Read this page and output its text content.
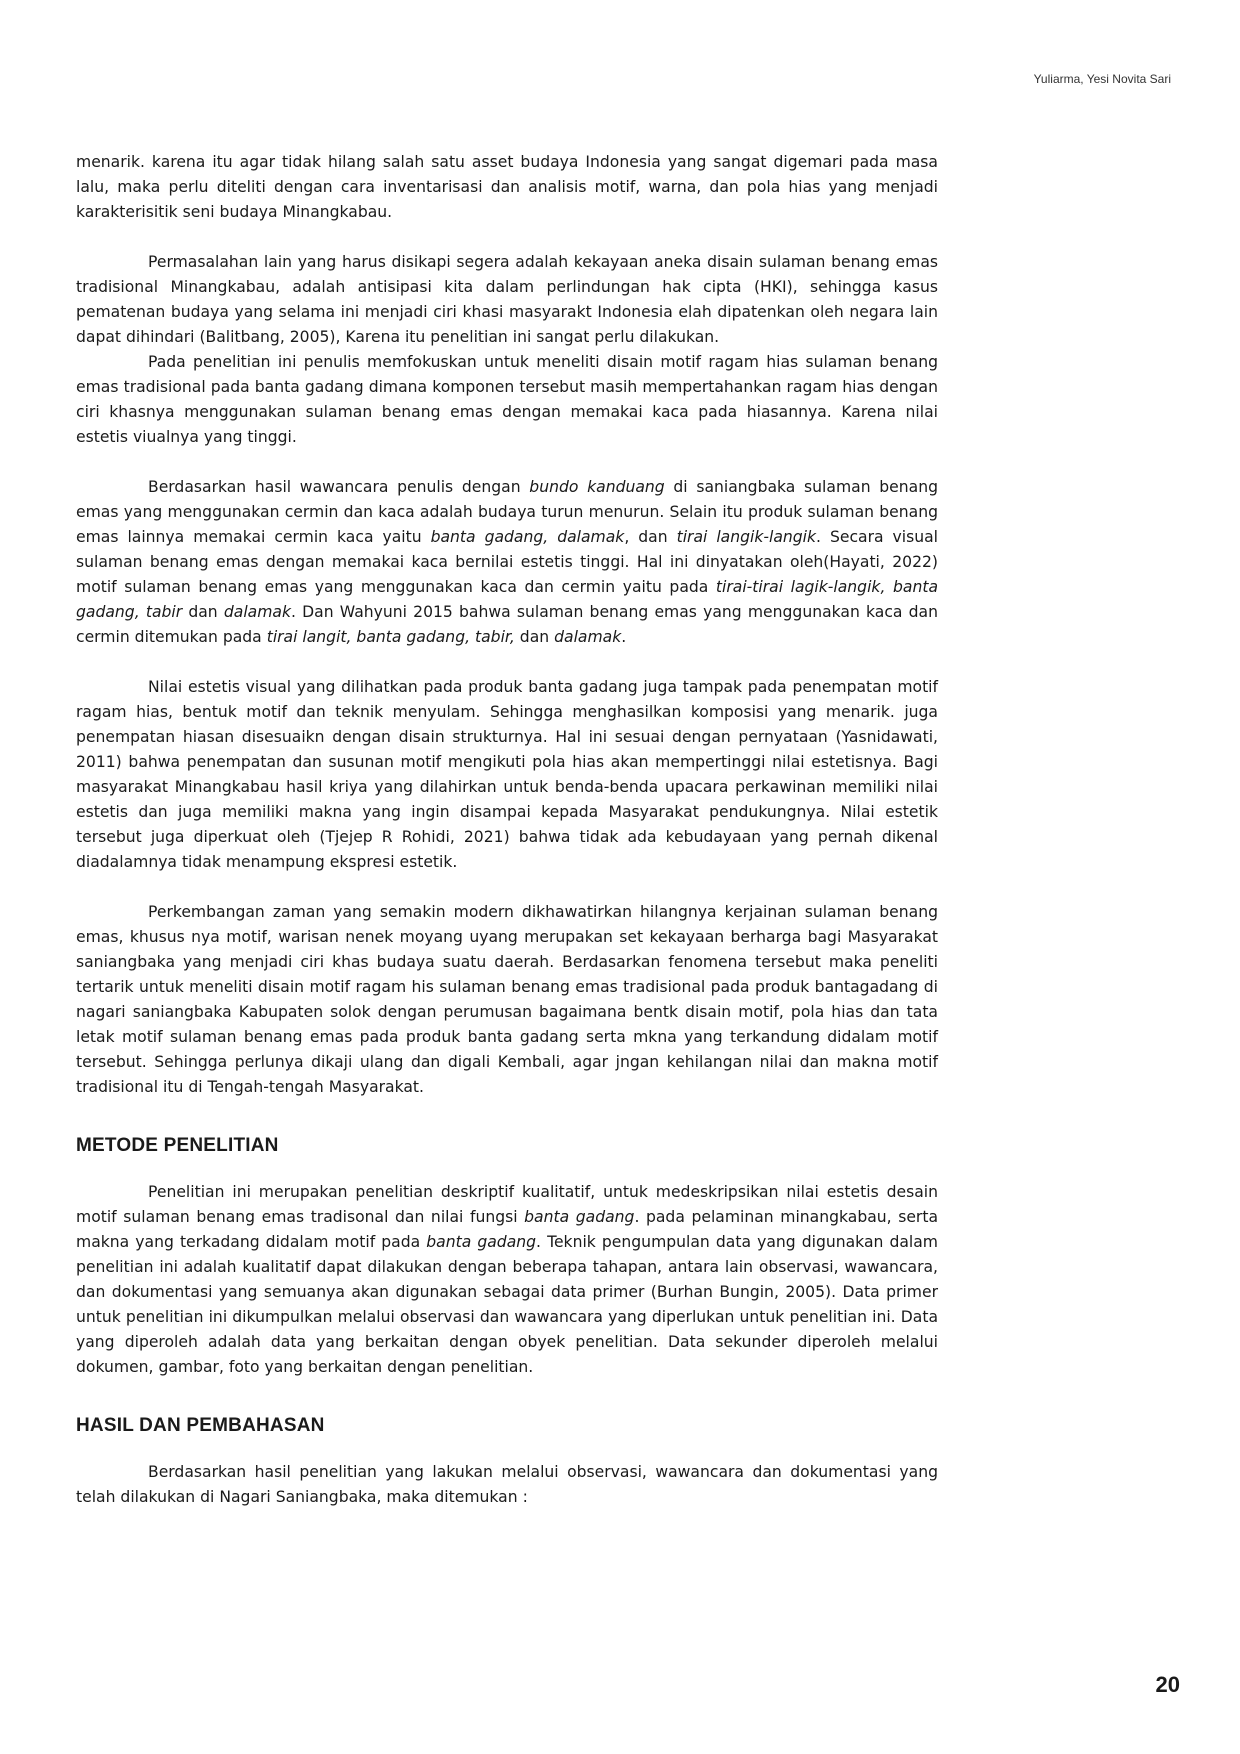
Yuliarma, Yesi Novita Sari

menarik. karena itu agar tidak hilang salah satu asset budaya Indonesia yang sangat digemari pada masa lalu, maka perlu diteliti dengan cara inventarisasi dan analisis motif, warna, dan pola hias yang menjadi karakterisitik seni budaya Minangkabau.

Permasalahan lain yang harus disikapi segera adalah kekayaan aneka disain sulaman benang emas tradisional Minangkabau, adalah antisipasi kita dalam perlindungan hak cipta (HKI), sehingga kasus pematenan budaya yang selama ini menjadi ciri khasi masyarakt Indonesia elah dipatenkan oleh negara lain dapat dihindari (Balitbang, 2005), Karena itu penelitian ini sangat perlu dilakukan.

Pada penelitian ini penulis memfokuskan untuk meneliti disain motif ragam hias sulaman benang emas tradisional pada banta gadang dimana komponen tersebut masih mempertahankan ragam hias dengan ciri khasnya menggunakan sulaman benang emas dengan memakai kaca pada hiasannya. Karena nilai estetis viualnya yang tinggi.

Berdasarkan hasil wawancara penulis dengan bundo kanduang di saniangbaka sulaman benang emas yang menggunakan cermin dan kaca adalah budaya turun menurun. Selain itu produk sulaman benang emas lainnya memakai cermin kaca yaitu banta gadang, dalamak, dan tirai langik-langik. Secara visual sulaman benang emas dengan memakai kaca bernilai estetis tinggi. Hal ini dinyatakan oleh(Hayati, 2022) motif sulaman benang emas yang menggunakan kaca dan cermin yaitu pada tirai-tirai lagik-langik, banta gadang, tabir dan dalamak. Dan Wahyuni 2015 bahwa sulaman benang emas yang menggunakan kaca dan cermin ditemukan pada tirai langit, banta gadang, tabir, dan dalamak.

Nilai estetis visual yang dilihatkan pada produk banta gadang juga tampak pada penempatan motif ragam hias, bentuk motif dan teknik menyulam. Sehingga menghasilkan komposisi yang menarik. juga penempatan hiasan disesuaikn dengan disain strukturnya. Hal ini sesuai dengan pernyataan (Yasnidawati, 2011) bahwa penempatan dan susunan motif mengikuti pola hias akan mempertinggi nilai estetisnya. Bagi masyarakat Minangkabau hasil kriya yang dilahirkan untuk benda-benda upacara perkawinan memiliki nilai estetis dan juga memiliki makna yang ingin disampai kepada Masyarakat pendukungnya. Nilai estetik tersebut juga diperkuat oleh (Tjejep R Rohidi, 2021) bahwa tidak ada kebudayaan yang pernah dikenal diadalamnya tidak menampung ekspresi estetik.

Perkembangan zaman yang semakin modern dikhawatirkan hilangnya kerjainan sulaman benang emas, khusus nya motif, warisan nenek moyang uyang merupakan set kekayaan berharga bagi Masyarakat saniangbaka yang menjadi ciri khas budaya suatu daerah. Berdasarkan fenomena tersebut maka peneliti tertarik untuk meneliti disain motif ragam his sulaman benang emas tradisional pada produk bantagadang di nagari saniangbaka Kabupaten solok dengan perumusan bagaimana bentk disain motif, pola hias dan tata letak motif sulaman benang emas pada produk banta gadang serta mkna yang terkandung didalam motif tersebut. Sehingga perlunya dikaji ulang dan digali Kembali, agar jngan kehilangan nilai dan makna motif tradisional itu di Tengah-tengah Masyarakat.

METODE PENELITIAN

Penelitian ini merupakan penelitian deskriptif kualitatif, untuk medeskripsikan nilai estetis desain motif sulaman benang emas tradisonal dan nilai fungsi banta gadang. pada pelaminan minangkabau, serta makna yang terkadang didalam motif pada banta gadang. Teknik pengumpulan data yang digunakan dalam penelitian ini adalah kualitatif dapat dilakukan dengan beberapa tahapan, antara lain observasi, wawancara, dan dokumentasi yang semuanya akan digunakan sebagai data primer (Burhan Bungin, 2005). Data primer untuk penelitian ini dikumpulkan melalui observasi dan wawancara yang diperlukan untuk penelitian ini. Data yang diperoleh adalah data yang berkaitan dengan obyek penelitian. Data sekunder diperoleh melalui dokumen, gambar, foto yang berkaitan dengan penelitian.

HASIL DAN PEMBAHASAN

Berdasarkan hasil penelitian yang lakukan melalui observasi, wawancara dan dokumentasi yang telah dilakukan di Nagari Saniangbaka, maka ditemukan :

20
